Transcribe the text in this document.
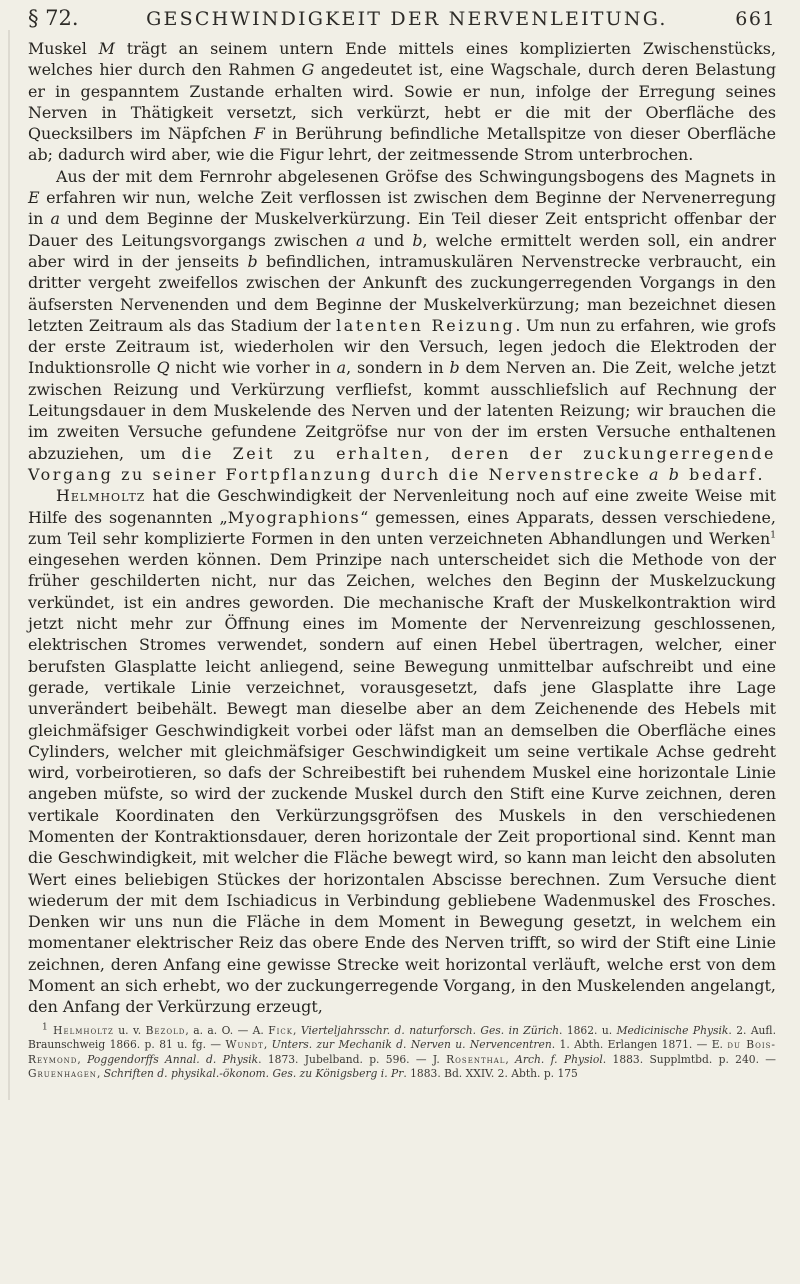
§ 72.	GESCHWINDIGKEIT DER NERVENLEITUNG.	661

Muskel M trägt an seinem untern Ende mittels eines komplizierten Zwischenstücks, welches hier durch den Rahmen G angedeutet ist, eine Wagschale, durch deren Belastung er in gespanntem Zustande erhalten wird. Sowie er nun, infolge der Erregung seines Nerven in Thätigkeit versetzt, sich verkürzt, hebt er die mit der Oberfläche des Quecksilbers im Näpfchen F in Berührung befindliche Metallspitze von dieser Oberfläche ab; dadurch wird aber, wie die Figur lehrt, der zeitmessende Strom unterbrochen.

Aus der mit dem Fernrohr abgelesenen Gröfse des Schwingungsbogens des Magnets in E erfahren wir nun, welche Zeit verflossen ist zwischen dem Beginne der Nervenerregung in a und dem Beginne der Muskelverkürzung. Ein Teil dieser Zeit entspricht offenbar der Dauer des Leitungsvorgangs zwischen a und b, welche ermittelt werden soll, ein andrer aber wird in der jenseits b befindlichen, intramuskulären Nervenstrecke verbraucht, ein dritter vergeht zweifellos zwischen der Ankunft des zuckungerregenden Vorgangs in den äufsersten Nervenenden und dem Beginne der Muskelverkürzung; man bezeichnet diesen letzten Zeitraum als das Stadium der latenten Reizung. Um nun zu erfahren, wie grofs der erste Zeitraum ist, wiederholen wir den Versuch, legen jedoch die Elektroden der Induktionsrolle Q nicht wie vorher in a, sondern in b dem Nerven an. Die Zeit, welche jetzt zwischen Reizung und Verkürzung verfliefst, kommt ausschliefslich auf Rechnung der Leitungsdauer in dem Muskelende des Nerven und der latenten Reizung; wir brauchen die im zweiten Versuche gefundene Zeitgröfse nur von der im ersten Versuche enthaltenen abzuziehen, um die Zeit zu erhalten, deren der zuckungerregende Vorgang zu seiner Fortpflanzung durch die Nervenstrecke a b bedarf.

Helmholtz hat die Geschwindigkeit der Nervenleitung noch auf eine zweite Weise mit Hilfe des sogenannten „Myographions“ gemessen, eines Apparats, dessen verschiedene, zum Teil sehr komplizierte Formen in den unten verzeichneten Abhandlungen und Werken$^1$ eingesehen werden können. Dem Prinzipe nach unterscheidet sich die Methode von der früher geschilderten nicht, nur das Zeichen, welches den Beginn der Muskelzuckung verkündet, ist ein andres geworden. Die mechanische Kraft der Muskelkontraktion wird jetzt nicht mehr zur Öffnung eines im Momente der Nervenreizung geschlossenen, elektrischen Stromes verwendet, sondern auf einen Hebel übertragen, welcher, einer berufsten Glasplatte leicht anliegend, seine Bewegung unmittelbar aufschreibt und eine gerade, vertikale Linie verzeichnet, vorausgesetzt, dafs jene Glasplatte ihre Lage unverändert beibehält. Bewegt man dieselbe aber an dem Zeichenende des Hebels mit gleichmäfsiger Geschwindigkeit vorbei oder läfst man an demselben die Oberfläche eines Cylinders, welcher mit gleichmäfsiger Geschwindigkeit um seine vertikale Achse gedreht wird, vorbeirotieren, so dafs der Schreibestift bei ruhendem Muskel eine horizontale Linie angeben müfste, so wird der zuckende Muskel durch den Stift eine Kurve zeichnen, deren vertikale Koordinaten den Verkürzungsgröfsen des Muskels in den verschiedenen Momenten der Kontraktionsdauer, deren horizontale der Zeit proportional sind. Kennt man die Geschwindigkeit, mit welcher die Fläche bewegt wird, so kann man leicht den absoluten Wert eines beliebigen Stückes der horizontalen Abscisse berechnen. Zum Versuche dient wiederum der mit dem Ischiadicus in Verbindung gebliebene Wadenmuskel des Frosches. Denken wir uns nun die Fläche in dem Moment in Bewegung gesetzt, in welchem ein momentaner elektrischer Reiz das obere Ende des Nerven trifft, so wird der Stift eine Linie zeichnen, deren Anfang eine gewisse Strecke weit horizontal verläuft, welche erst von dem Moment an sich erhebt, wo der zuckungerregende Vorgang, in den Muskelenden angelangt, den Anfang der Verkürzung erzeugt,

$^1$ Helmholtz u. v. Bezold, a. a. O. — A. Fick, Vierteljahrsschr. d. naturforsch. Ges. in Zürich. 1862. u. Medicinische Physik. 2. Aufl. Braunschweig 1866. p. 81 u. fg. — Wundt, Unters. zur Mechanik d. Nerven u. Nervencentren. 1. Abth. Erlangen 1871. — E. du Bois-Reymond, Poggendorffs Annal. d. Physik. 1873. Jubelband. p. 596. — J. Rosenthal, Arch. f. Physiol. 1883. Supplmtbd. p. 240. — Gruenhagen, Schriften d. physikal.-ökonom. Ges. zu Königsberg i. Pr. 1883. Bd. XXIV. 2. Abth. p. 175
